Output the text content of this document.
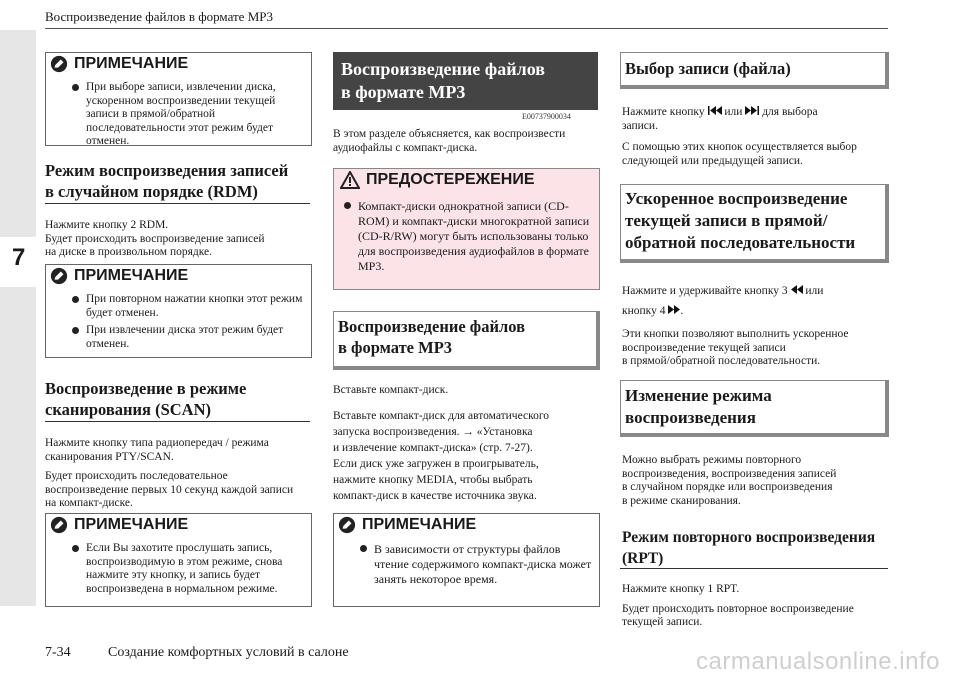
Воспроизведение файлов в формате MP3
7
ПРИМЕЧАНИЕ
При выборе записи, извлечении диска, ускоренном воспроизведении текущей записи в прямой/обратной последовательности этот режим будет отменен.
Режим воспроизведения записей
в случайном порядке (RDM)
Нажмите кнопку 2 RDM.
Будет происходить воспроизведение записей
на диске в произвольном порядке.
ПРИМЕЧАНИЕ
При повторном нажатии кнопки этот режим будет отменен.
При извлечении диска этот режим будет отменен.
Воспроизведение в режиме
сканирования (SCAN)
Нажмите кнопку типа радиопередач / режима
сканирования PTY/SCAN.
Будет происходить последовательное
воспроизведение первых 10 секунд каждой записи
на компакт-диске.
ПРИМЕЧАНИЕ
Если Вы захотите прослушать запись, воспроизводимую в этом режиме, снова нажмите эту кнопку, и запись будет воспроизведена в нормальном режиме.
Воспроизведение файлов
в формате MP3
E00737900034
В этом разделе объясняется, как воспроизвести
аудиофайлы с компакт-диска.
ПРЕДОСТЕРЕЖЕНИЕ
Компакт-диски однократной записи (CD-ROM) и компакт-диски многократной записи (CD-R/RW) могут быть использованы только для воспроизведения аудиофайлов в формате MP3.
Воспроизведение файлов
в формате MP3
Вставьте компакт-диск.
Вставьте компакт-диск для автоматического
запуска воспроизведения. → «Установка
и извлечение компакт-диска» (стр. 7-27).
Если диск уже загружен в проигрыватель,
нажмите кнопку MEDIA, чтобы выбрать
компакт-диск в качестве источника звука.
ПРИМЕЧАНИЕ
В зависимости от структуры файлов чтение содержимого компакт-диска может занять некоторое время.
Выбор записи (файла)
Нажмите кнопку или для выбора
записи.
С помощью этих кнопок осуществляется выбор
следующей или предыдущей записи.
Ускоренное воспроизведение
текущей записи в прямой/
обратной последовательности
Нажмите и удерживайте кнопку 3 или
кнопку 4 .
Эти кнопки позволяют выполнить ускоренное
воспроизведение текущей записи
в прямой/обратной последовательности.
Изменение режима
воспроизведения
Можно выбрать режимы повторного
воспроизведения, воспроизведения записей
в случайном порядке или воспроизведения
в режиме сканирования.
Режим повторного воспроизведения
(RPT)
Нажмите кнопку 1 RPT.
Будет происходить повторное воспроизведение
текущей записи.
7-34	Создание комфортных условий в салоне	carmanualsonline.info
